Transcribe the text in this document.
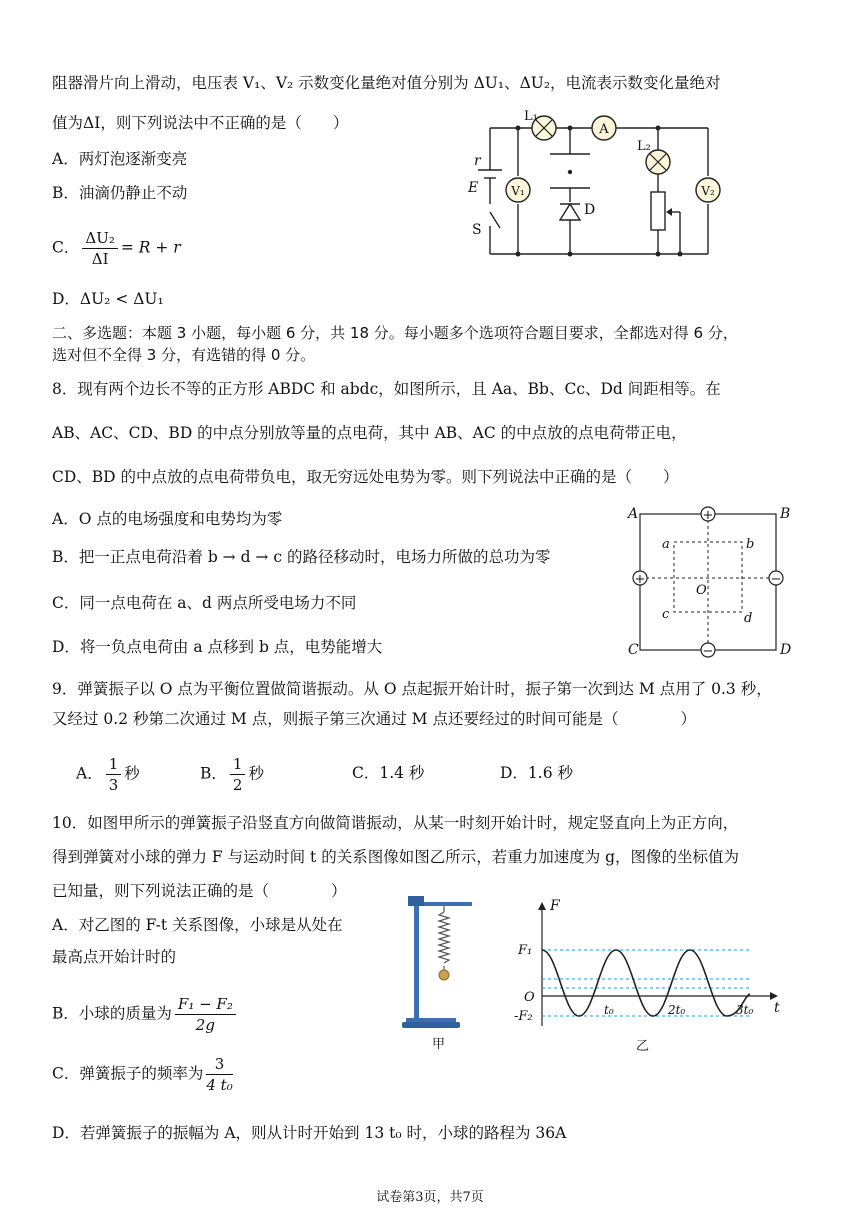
阻器滑片向上滑动，电压表 V₁、V₂ 示数变化量绝对值分别为 ΔU₁、ΔU₂，电流表示数变化量绝对
值为ΔI，则下列说法中不正确的是（　　）
A．两灯泡逐渐变亮
B．油滴仍静止不动
C． $\frac{\text{ΔU₂}}{\Delta I} = R + r$
D．ΔU₂ < ΔU₁
A
V₁	V₂
L₁
L₂
r
E
S
D
二、多选题：本题 3 小题，每小题 6 分，共 18 分。每小题多个选项符合题目要求，全都选对得 6 分，
选对但不全得 3 分，有选错的得 0 分。
8．现有两个边长不等的正方形 ABDC 和 abdc，如图所示，且 Aa、Bb、Cc、Dd 间距相等。在
AB、AC、CD、BD 的中点分别放等量的点电荷，其中 AB、AC 的中点放的点电荷带正电，
CD、BD 的中点放的点电荷带负电，取无穷远处电势为零。则下列说法中正确的是（　　）
A．O 点的电场强度和电势均为零
B．把一正点电荷沿着 b → d → c 的路径移动时，电场力所做的总功为零
C．同一点电荷在 a、d 两点所受电场力不同
D．将一负点电荷由 a 点移到 b 点，电势能增大
+
+	−
−
A	B
C	D
a	b
c	d
O
9．弹簧振子以 O 点为平衡位置做简谐振动。从 O 点起振开始计时，振子第一次到达 M 点用了 0.3 秒，
又经过 0.2 秒第二次通过 M 点，则振子第三次通过 M 点还要经过的时间可能是（　　　　）
A． $\frac{1}{3}$ 秒	B． $\frac{1}{2}$ 秒	C．1.4 秒	D．1.6 秒
10．如图甲所示的弹簧振子沿竖直方向做简谐振动，从某一时刻开始计时，规定竖直向上为正方向，
得到弹簧对小球的弹力 F 与运动时间 t 的关系图像如图乙所示，若重力加速度为 g，图像的坐标值为
已知量，则下列说法正确的是（　　　　）
A．对乙图的 F-t 关系图像，小球是从处在
最高点开始计时的
B．小球的质量为 $\frac{\text{F₁ − F₂}}{2g}$
C．弹簧振子的频率为 $\frac{3}{\text{4 t₀}}$
D．若弹簧振子的振幅为 A，则从计时开始到 13 t₀ 时，小球的路程为 36A
甲
F
t
F₁
O
-F₂	t₀	2t₀	3t₀
乙
试卷第3页，共7页
